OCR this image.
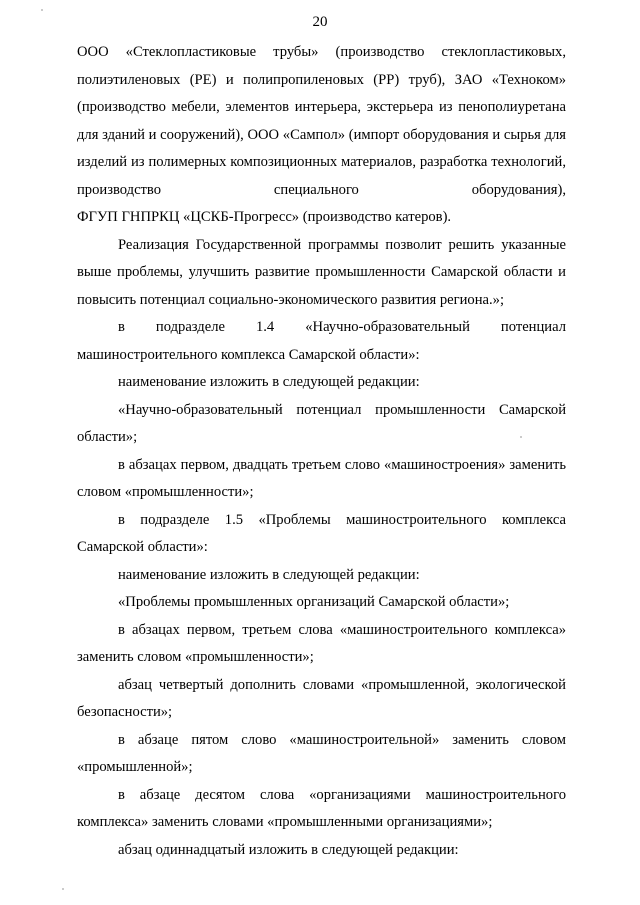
20

ООО «Стеклопластиковые трубы» (производство стеклопластиковых, полиэтиленовых (PE) и полипропиленовых (PP) труб), ЗАО «Техноком» (производство мебели, элементов интерьера, экстерьера из пенополиуретана для зданий и сооружений), ООО «Сампол» (импорт оборудования и сырья для изделий из полимерных композиционных материалов, разработка технологий, производство специального оборудования),

ФГУП ГНПРКЦ «ЦСКБ-Прогресс» (производство катеров).

Реализация Государственной программы позволит решить указанные выше проблемы, улучшить развитие промышленности Самарской области и повысить потенциал социально-экономического развития региона.»;

в подразделе 1.4 «Научно-образовательный потенциал машиностроительного комплекса Самарской области»:

наименование изложить в следующей редакции:

«Научно-образовательный потенциал промышленности Самарской области»;

в абзацах первом, двадцать третьем слово «машиностроения» заменить словом «промышленности»;

в подразделе 1.5 «Проблемы машиностроительного комплекса Самарской области»:

наименование изложить в следующей редакции:

«Проблемы промышленных организаций Самарской области»;

в абзацах первом, третьем слова «машиностроительного комплекса» заменить словом «промышленности»;

абзац четвертый дополнить словами «промышленной, экологической безопасности»;

в абзаце пятом слово «машиностроительной» заменить словом «промышленной»;

в абзаце десятом слова «организациями машиностроительного комплекса» заменить словами «промышленными организациями»;

абзац одиннадцатый изложить в следующей редакции:
